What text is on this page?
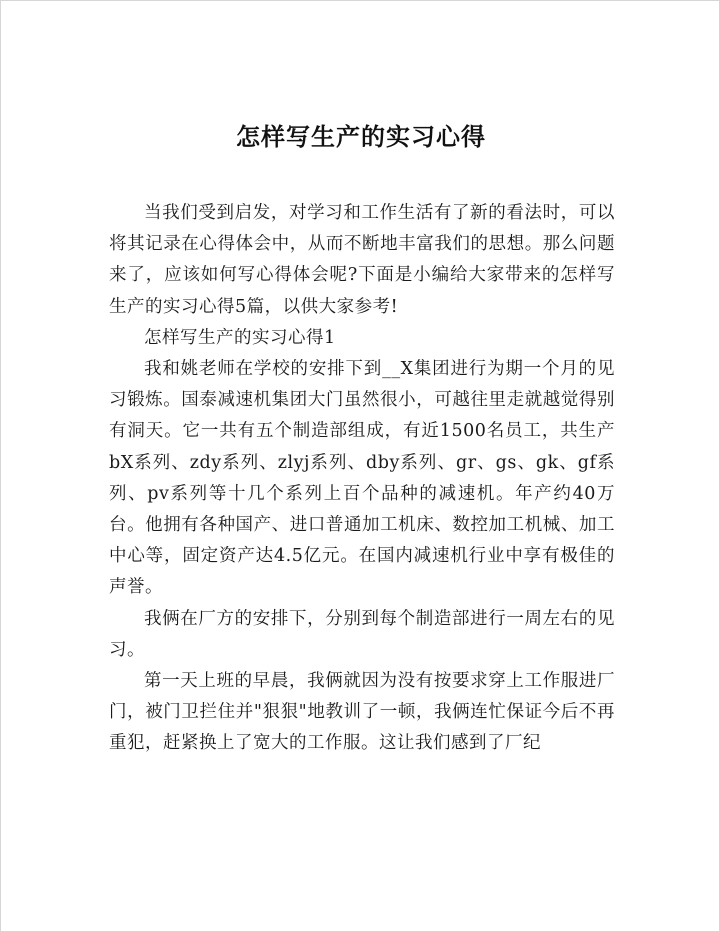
怎样写生产的实习心得

当我们受到启发，对学习和工作生活有了新的看法时，可以将其记录在心得体会中，从而不断地丰富我们的思想。那么问题来了，应该如何写心得体会呢?下面是小编给大家带来的怎样写生产的实习心得5篇，以供大家参考!

怎样写生产的实习心得1

我和姚老师在学校的安排下到__X集团进行为期一个月的见习锻炼。国泰减速机集团大门虽然很小，可越往里走就越觉得别有洞天。它一共有五个制造部组成，有近1500名员工，共生产bX系列、zdy系列、zlyj系列、dby系列、gr、gs、gk、gf系列、pv系列等十几个系列上百个品种的减速机。年产约40万台。他拥有各种国产、进口普通加工机床、数控加工机械、加工中心等，固定资产达4.5亿元。在国内减速机行业中享有极佳的声誉。

我俩在厂方的安排下，分别到每个制造部进行一周左右的见习。

第一天上班的早晨，我俩就因为没有按要求穿上工作服进厂门，被门卫拦住并"狠狠"地教训了一顿，我俩连忙保证今后不再重犯，赶紧换上了宽大的工作服。这让我们感到了厂纪
